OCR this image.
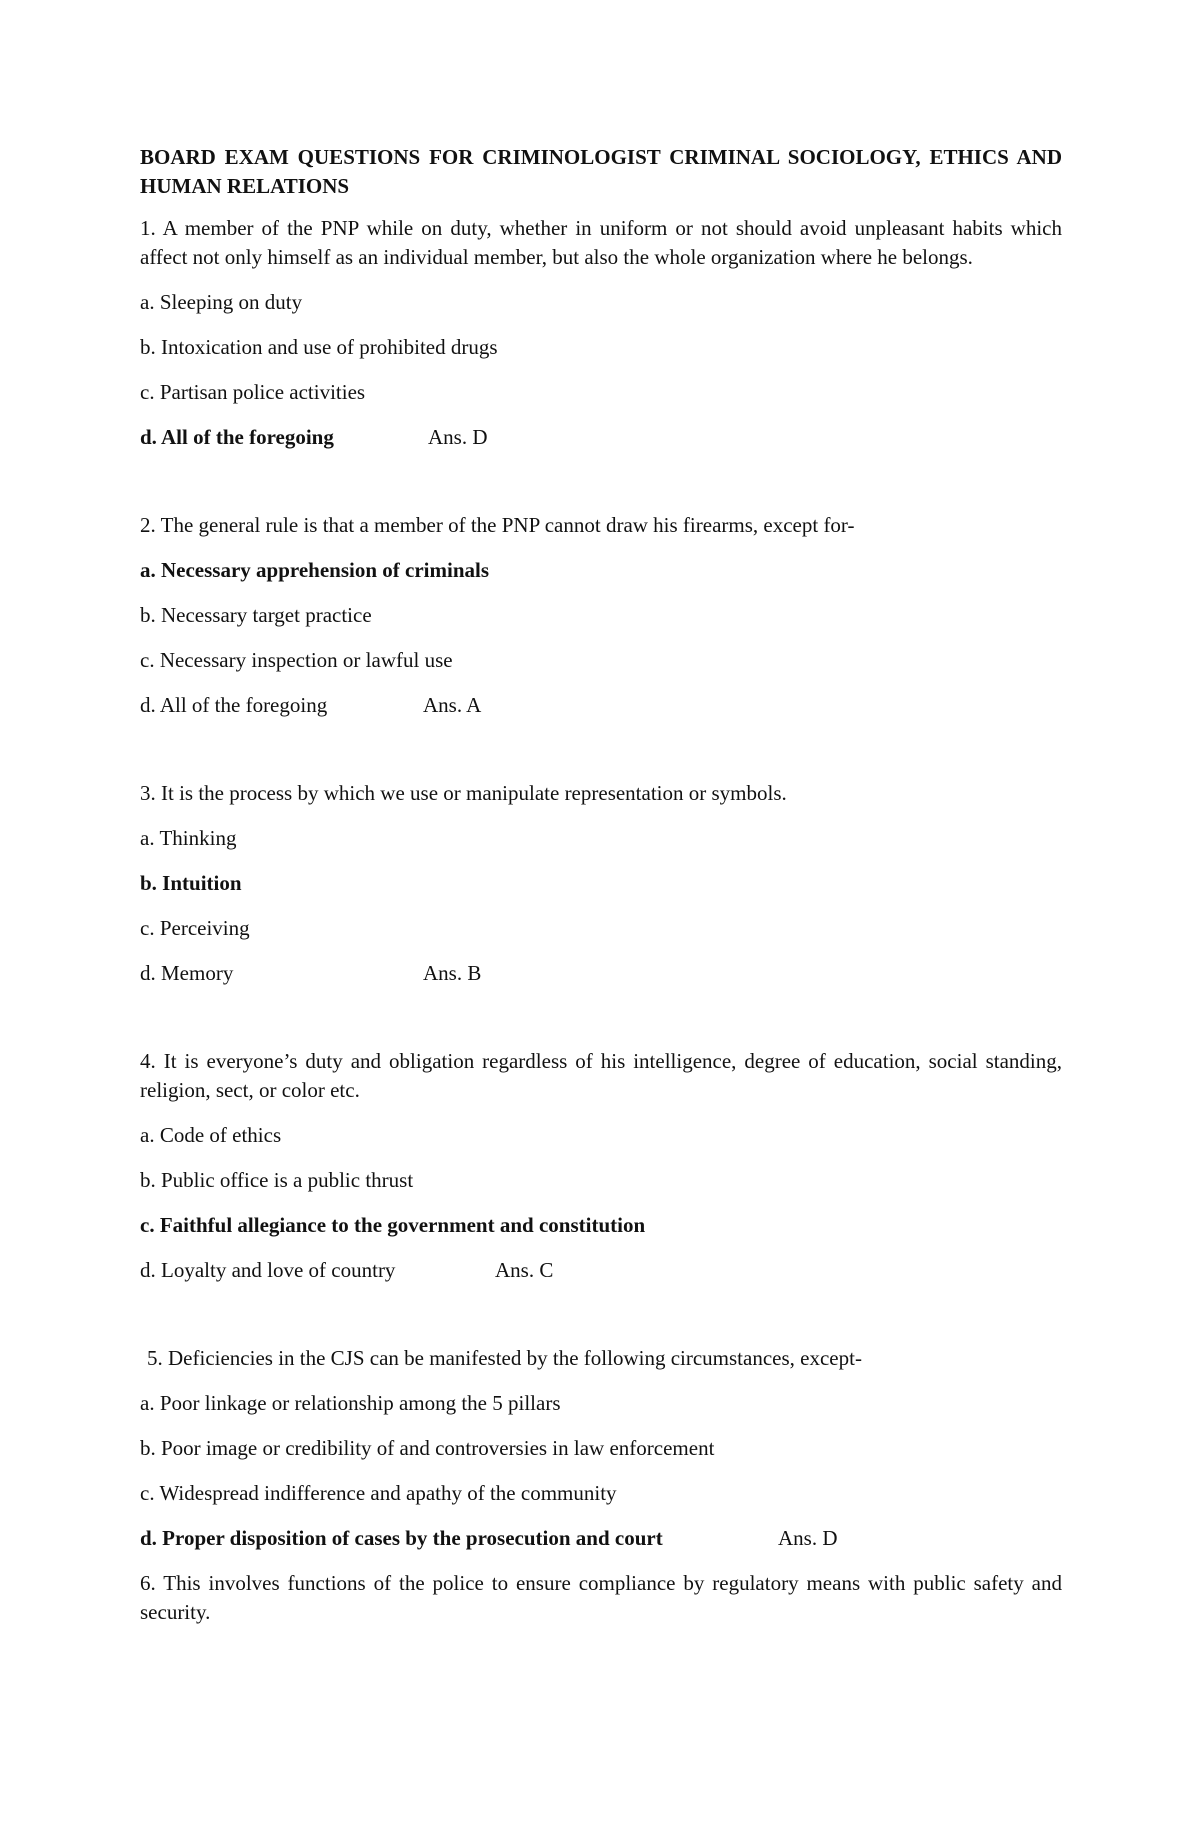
BOARD EXAM QUESTIONS FOR CRIMINOLOGIST CRIMINAL SOCIOLOGY, ETHICS AND HUMAN RELATIONS

1. A member of the PNP while on duty, whether in uniform or not should avoid unpleasant habits which affect not only himself as an individual member, but also the whole organization where he belongs.

a. Sleeping on duty

b. Intoxication and use of prohibited drugs

c. Partisan police activities

d. All of the foregoing	Ans. D

2. The general rule is that a member of the PNP cannot draw his firearms, except for-

a. Necessary apprehension of criminals

b. Necessary target practice

c. Necessary inspection or lawful use

d. All of the foregoing	Ans. A

3. It is the process by which we use or manipulate representation or symbols.

a. Thinking

b. Intuition

c. Perceiving

d. Memory	Ans. B

4. It is everyone’s duty and obligation regardless of his intelligence, degree of education, social standing, religion, sect, or color etc.

a. Code of ethics

b. Public office is a public thrust

c. Faithful allegiance to the government and constitution

d. Loyalty and love of country	Ans. C

5. Deficiencies in the CJS can be manifested by the following circumstances, except-

a. Poor linkage or relationship among the 5 pillars

b. Poor image or credibility of and controversies in law enforcement

c. Widespread indifference and apathy of the community

d. Proper disposition of cases by the prosecution and court	Ans. D

6. This involves functions of the police to ensure compliance by regulatory means with public safety and security.
